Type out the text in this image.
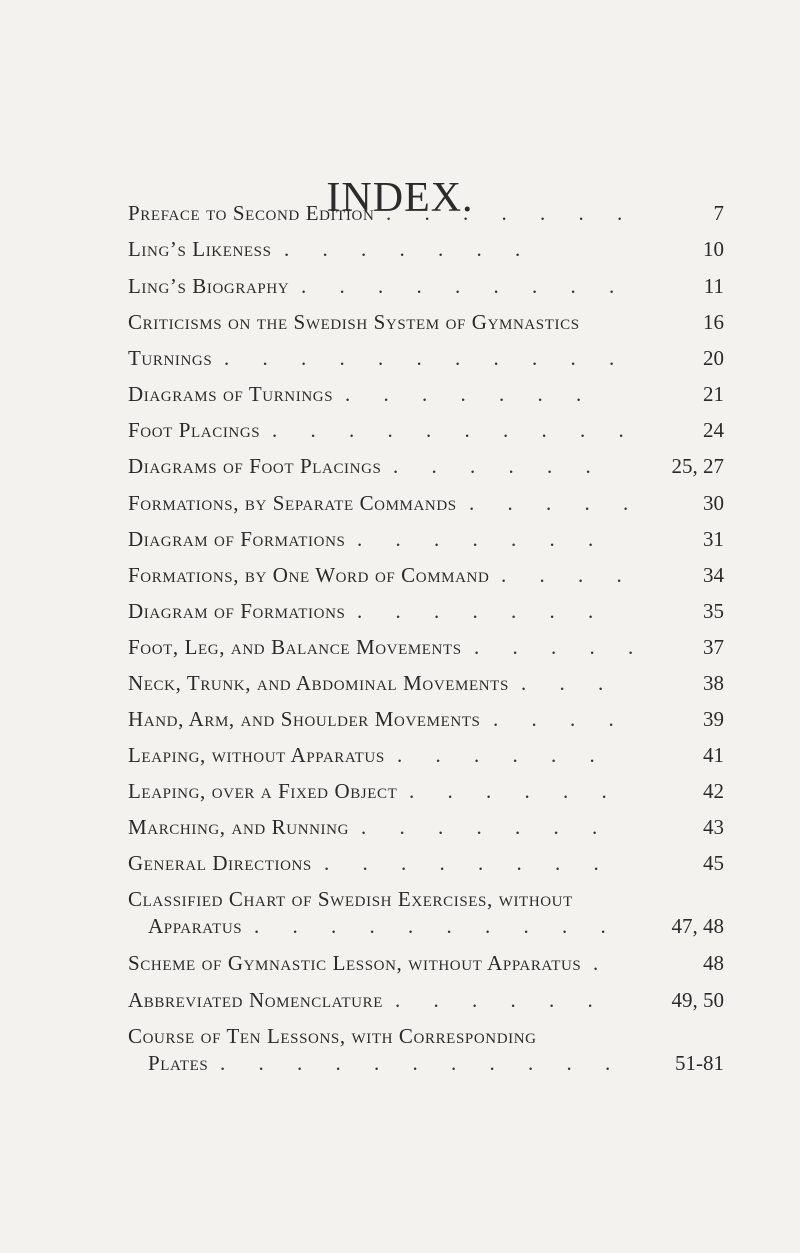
INDEX.
Preface to Second Edition . . . . . . .	7
Ling’s Likeness . . . . . . .	10
Ling’s Biography . . . . . . . . .	11
Criticisms on the Swedish System of Gymnastics	16
Turnings . . . . . . . . . . .	20
Diagrams of Turnings . . . . . . .	21
Foot Placings . . . . . . . . . .	24
Diagrams of Foot Placings . . . . . .	25, 27
Formations, by Separate Commands . . . . .	30
Diagram of Formations . . . . . . .	31
Formations, by One Word of Command . . . .	34
Diagram of Formations . . . . . . .	35
Foot, Leg, and Balance Movements . . . . .	37
Neck, Trunk, and Abdominal Movements . . .	38
Hand, Arm, and Shoulder Movements . . . .	39
Leaping, without Apparatus . . . . . .	41
Leaping, over a Fixed Object . . . . . .	42
Marching, and Running . . . . . . .	43
General Directions . . . . . . . .	45
Classified Chart of Swedish Exercises, without
Apparatus . . . . . . . . . . 47, 48
Scheme of Gymnastic Lesson, without Apparatus .	48
Abbreviated Nomenclature . . . . . .	49, 50
Course of Ten Lessons, with Corresponding
Plates . . . . . . . . . . . 51-81
